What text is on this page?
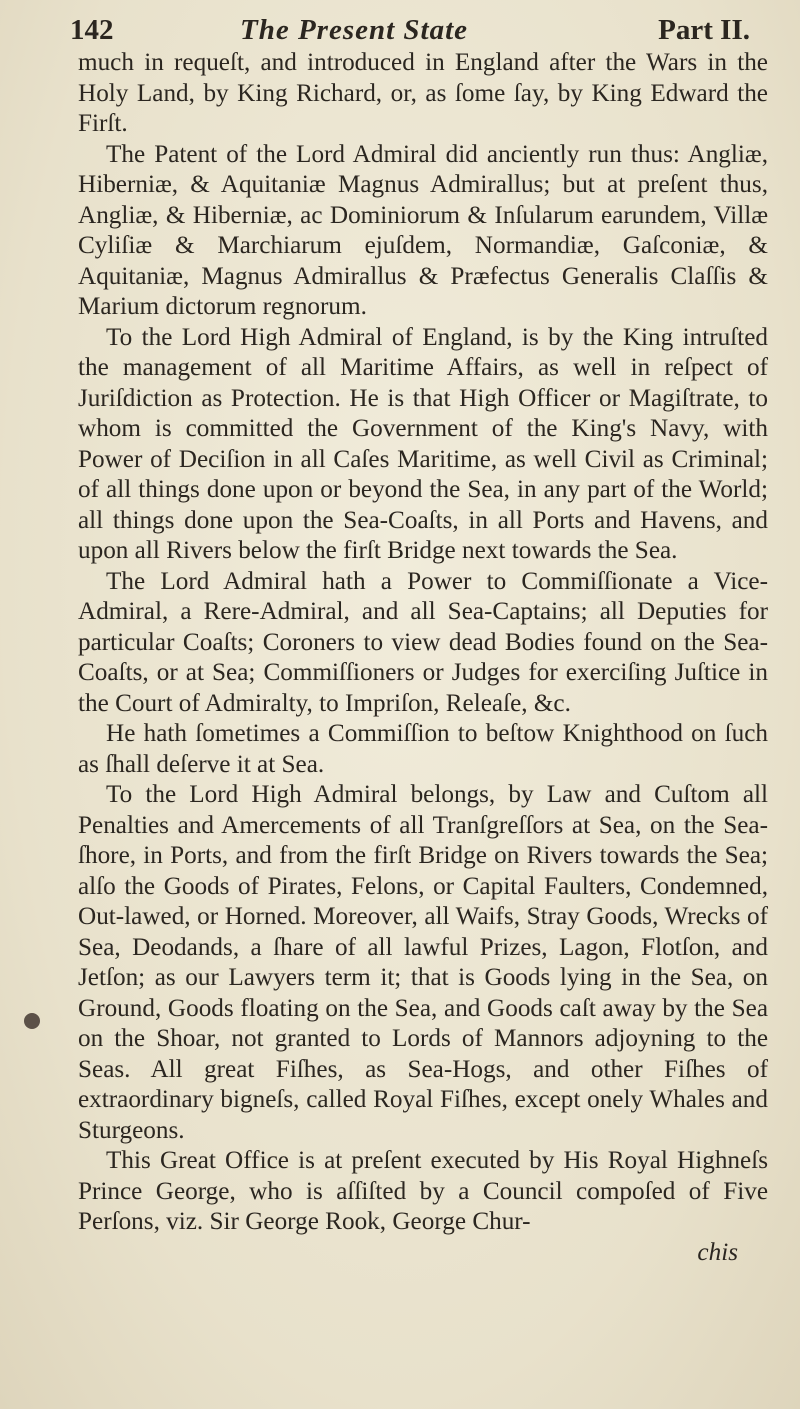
142	The Present State	Part II.

much in requeſt, and introduced in England after the Wars in the Holy Land, by King Richard, or, as ſome ſay, by King Edward the Firſt.

The Patent of the Lord Admiral did anciently run thus: Angliæ, Hiberniæ, & Aquitaniæ Magnus Admirallus; but at preſent thus, Angliæ, & Hiberniæ, ac Dominiorum & Inſularum earundem, Villæ Cyliſiæ & Marchiarum ejuſdem, Normandiæ, Gaſconiæ, & Aquitaniæ, Magnus Admirallus & Præfectus Generalis Claſſis & Marium dictorum regnorum.

To the Lord High Admiral of England, is by the King intruſted the management of all Maritime Affairs, as well in reſpect of Juriſdiction as Protection. He is that High Officer or Magiſtrate, to whom is committed the Government of the King's Navy, with Power of Deciſion in all Caſes Maritime, as well Civil as Criminal; of all things done upon or beyond the Sea, in any part of the World; all things done upon the Sea-Coaſts, in all Ports and Havens, and upon all Rivers below the firſt Bridge next towards the Sea.

The Lord Admiral hath a Power to Commiſſionate a Vice-Admiral, a Rere-Admiral, and all Sea-Captains; all Deputies for particular Coaſts; Coroners to view dead Bodies found on the Sea-Coaſts, or at Sea; Commiſſioners or Judges for exerciſing Juſtice in the Court of Admiralty, to Impriſon, Releaſe, &c.

He hath ſometimes a Commiſſion to beſtow Knighthood on ſuch as ſhall deſerve it at Sea.

To the Lord High Admiral belongs, by Law and Cuſtom all Penalties and Amercements of all Tranſgreſſors at Sea, on the Sea-ſhore, in Ports, and from the firſt Bridge on Rivers towards the Sea; alſo the Goods of Pirates, Felons, or Capital Faulters, Condemned, Out-lawed, or Horned. Moreover, all Waifs, Stray Goods, Wrecks of Sea, Deodands, a ſhare of all lawful Prizes, Lagon, Flotſon, and Jetſon; as our Lawyers term it; that is Goods lying in the Sea, on Ground, Goods floating on the Sea, and Goods caſt away by the Sea on the Shoar, not granted to Lords of Mannors adjoyning to the Seas. All great Fiſhes, as Sea-Hogs, and other Fiſhes of extraordinary bigneſs, called Royal Fiſhes, except onely Whales and Sturgeons.

This Great Office is at preſent executed by His Royal Highneſs Prince George, who is aſſiſted by a Council compoſed of Five Perſons, viz. Sir George Rook, George Chur-

chis
